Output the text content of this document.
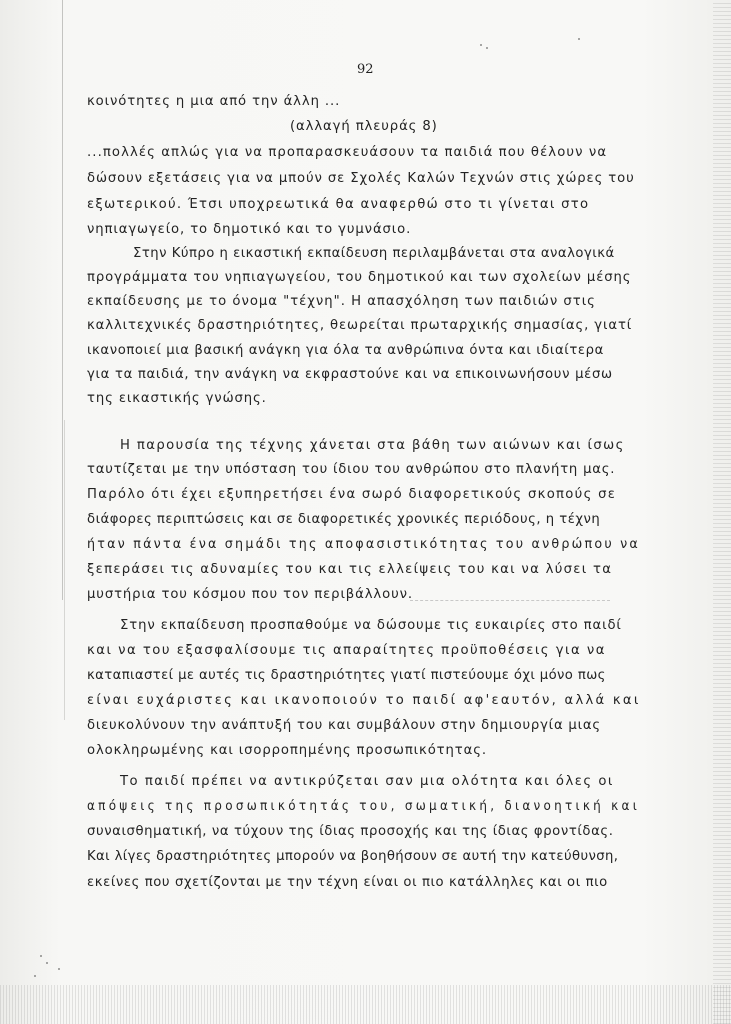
92
κοινότητες η μια από την άλλη ...
(αλλαγή πλευράς 8)
...πολλές απλώς για να προπαρασκευάσουν τα παιδιά που θέλουν να
δώσουν εξετάσεις για να μπούν σε Σχολές Καλών Τεχνών στις χώρες του
εξωτερικού. Έτσι υποχρεωτικά θα αναφερθώ στο τι γίνεται στο
νηπιαγωγείο, το δημοτικό και το γυμνάσιο.
Στην Κύπρο η εικαστική εκπαίδευση περιλαμβάνεται στα αναλογικά
προγράμματα του νηπιαγωγείου, του δημοτικού και των σχολείων μέσης
εκπαίδευσης με το όνομα "τέχνη". Η απασχόληση των παιδιών στις
καλλιτεχνικές δραστηριότητες, θεωρείται πρωταρχικής σημασίας, γιατί
ικανοποιεί μια βασική ανάγκη για όλα τα ανθρώπινα όντα και ιδιαίτερα
για τα παιδιά, την ανάγκη να εκφραστούνε και να επικοινωνήσουν μέσω
της εικαστικής γνώσης.
Η παρουσία της τέχνης χάνεται στα βάθη των αιώνων και ίσως
ταυτίζεται με την υπόσταση του ίδιου του ανθρώπου στο πλανήτη μας.
Παρόλο ότι έχει εξυπηρετήσει ένα σωρό διαφορετικούς σκοπούς σε
διάφορες περιπτώσεις και σε διαφορετικές χρονικές περιόδους, η τέχνη
ήταν πάντα ένα σημάδι της αποφασιστικότητας του ανθρώπου να
ξεπεράσει τις αδυναμίες του και τις ελλείψεις του και να λύσει τα
μυστήρια του κόσμου που τον περιβάλλουν.
Στην εκπαίδευση προσπαθούμε να δώσουμε τις ευκαιρίες στο παιδί
και να του εξασφαλίσουμε τις απαραίτητες προϋποθέσεις για να
καταπιαστεί με αυτές τις δραστηριότητες γιατί πιστεύουμε όχι μόνο πως
είναι ευχάριστες και ικανοποιούν το παιδί αφ'εαυτόν, αλλά και
διευκολύνουν την ανάπτυξή του και συμβάλουν στην δημιουργία μιας
ολοκληρωμένης και ισορροπημένης προσωπικότητας.
Το παιδί πρέπει να αντικρύζεται σαν μια ολότητα και όλες οι
απόψεις της προσωπικότητάς του, σωματική, διανοητική και
συναισθηματική, να τύχουν της ίδιας προσοχής και της ίδιας φροντίδας.
Και λίγες δραστηριότητες μπορούν να βοηθήσουν σε αυτή την κατεύθυνση,
εκείνες που σχετίζονται με την τέχνη είναι οι πιο κατάλληλες και οι πιο
